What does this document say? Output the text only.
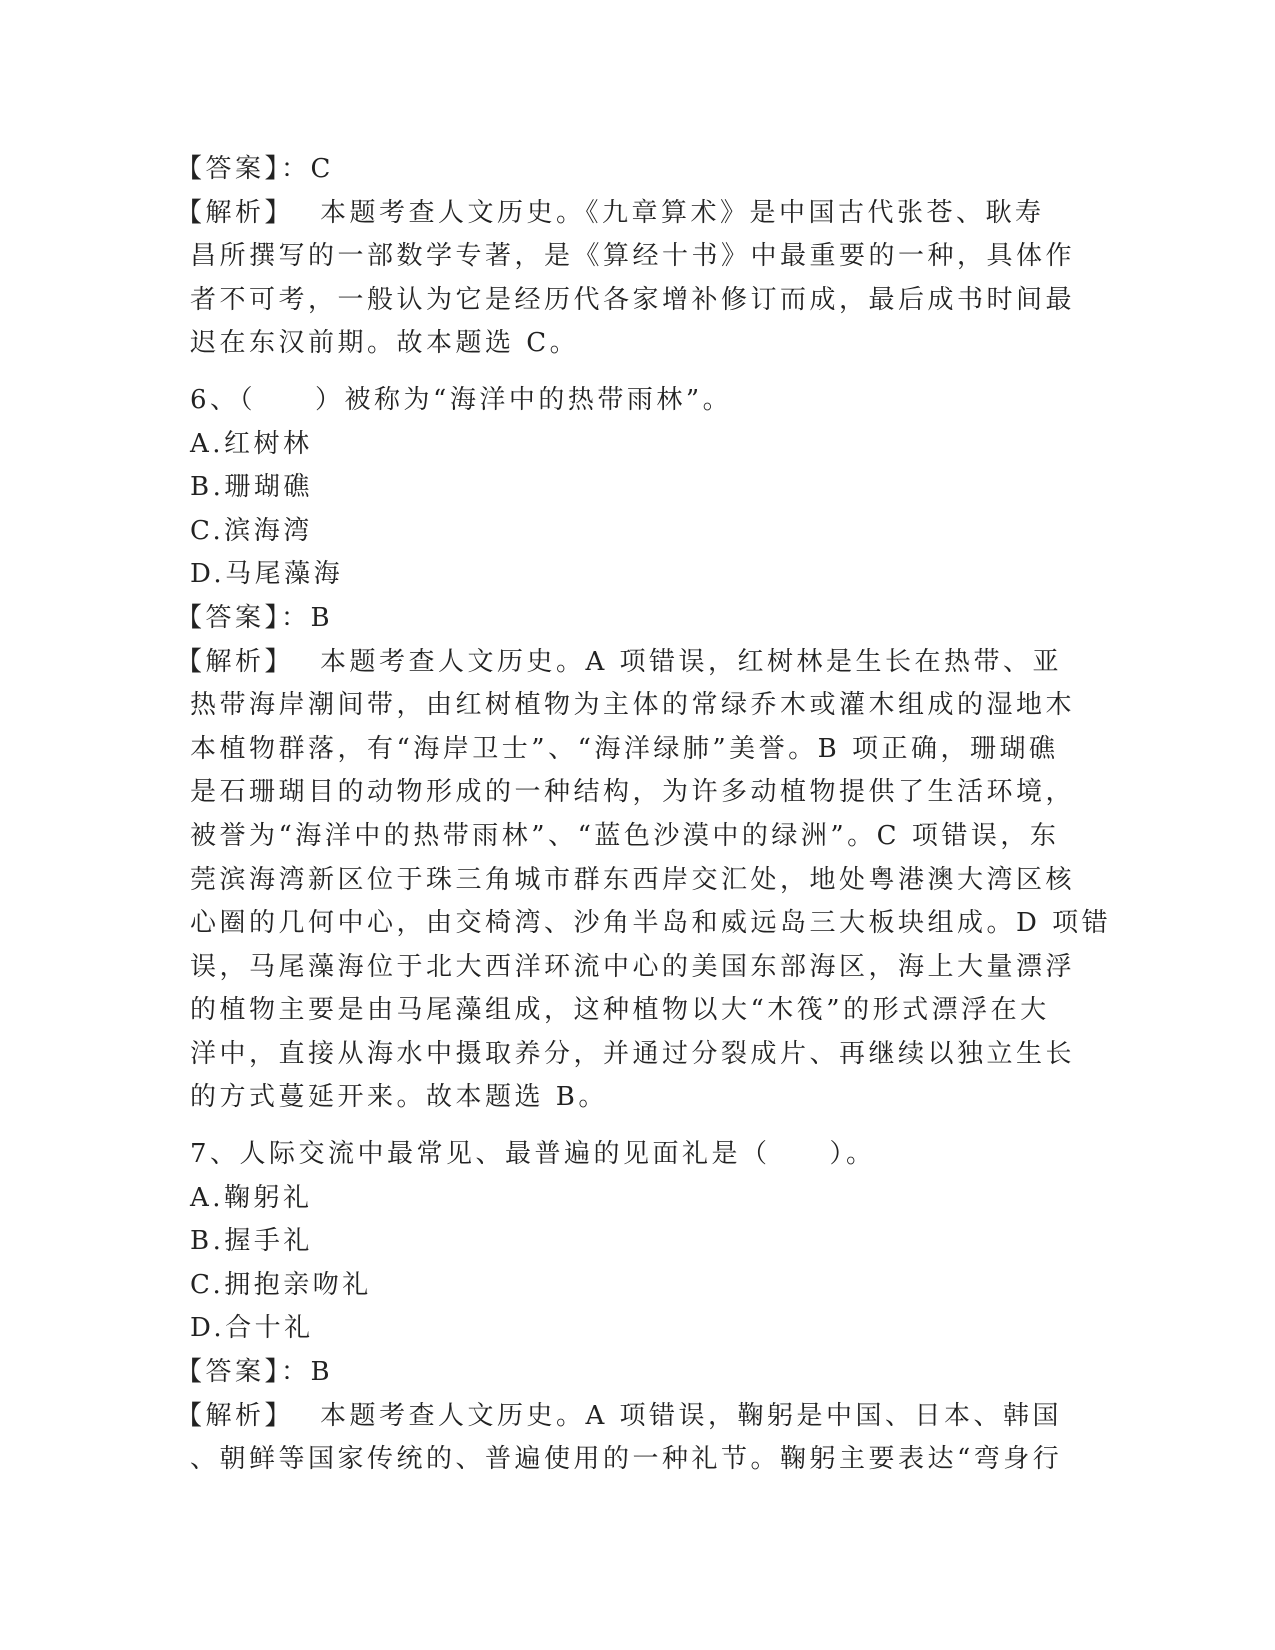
【答案】：C
【解析】 本题考查人文历史。《九章算术》是中国古代张苍、耿寿
昌所撰写的一部数学专著，是《算经十书》中最重要的一种，具体作
者不可考，一般认为它是经历代各家增补修订而成，最后成书时间最
迟在东汉前期。故本题选 C。
6、（　　）被称为“海洋中的热带雨林”。
A.红树林
B.珊瑚礁
C.滨海湾
D.马尾藻海
【答案】：B
【解析】 本题考查人文历史。A 项错误，红树林是生长在热带、亚
热带海岸潮间带，由红树植物为主体的常绿乔木或灌木组成的湿地木
本植物群落，有“海岸卫士”、“海洋绿肺”美誉。B 项正确，珊瑚礁
是石珊瑚目的动物形成的一种结构，为许多动植物提供了生活环境，
被誉为“海洋中的热带雨林”、“蓝色沙漠中的绿洲”。C 项错误，东
莞滨海湾新区位于珠三角城市群东西岸交汇处，地处粤港澳大湾区核
心圈的几何中心，由交椅湾、沙角半岛和威远岛三大板块组成。D 项错
误，马尾藻海位于北大西洋环流中心的美国东部海区，海上大量漂浮
的植物主要是由马尾藻组成，这种植物以大“木筏”的形式漂浮在大
洋中，直接从海水中摄取养分，并通过分裂成片、再继续以独立生长
的方式蔓延开来。故本题选 B。
7、人际交流中最常见、最普遍的见面礼是（　　）。
A.鞠躬礼
B.握手礼
C.拥抱亲吻礼
D.合十礼
【答案】：B
【解析】 本题考查人文历史。A 项错误，鞠躬是中国、日本、韩国
、朝鲜等国家传统的、普遍使用的一种礼节。鞠躬主要表达“弯身行
